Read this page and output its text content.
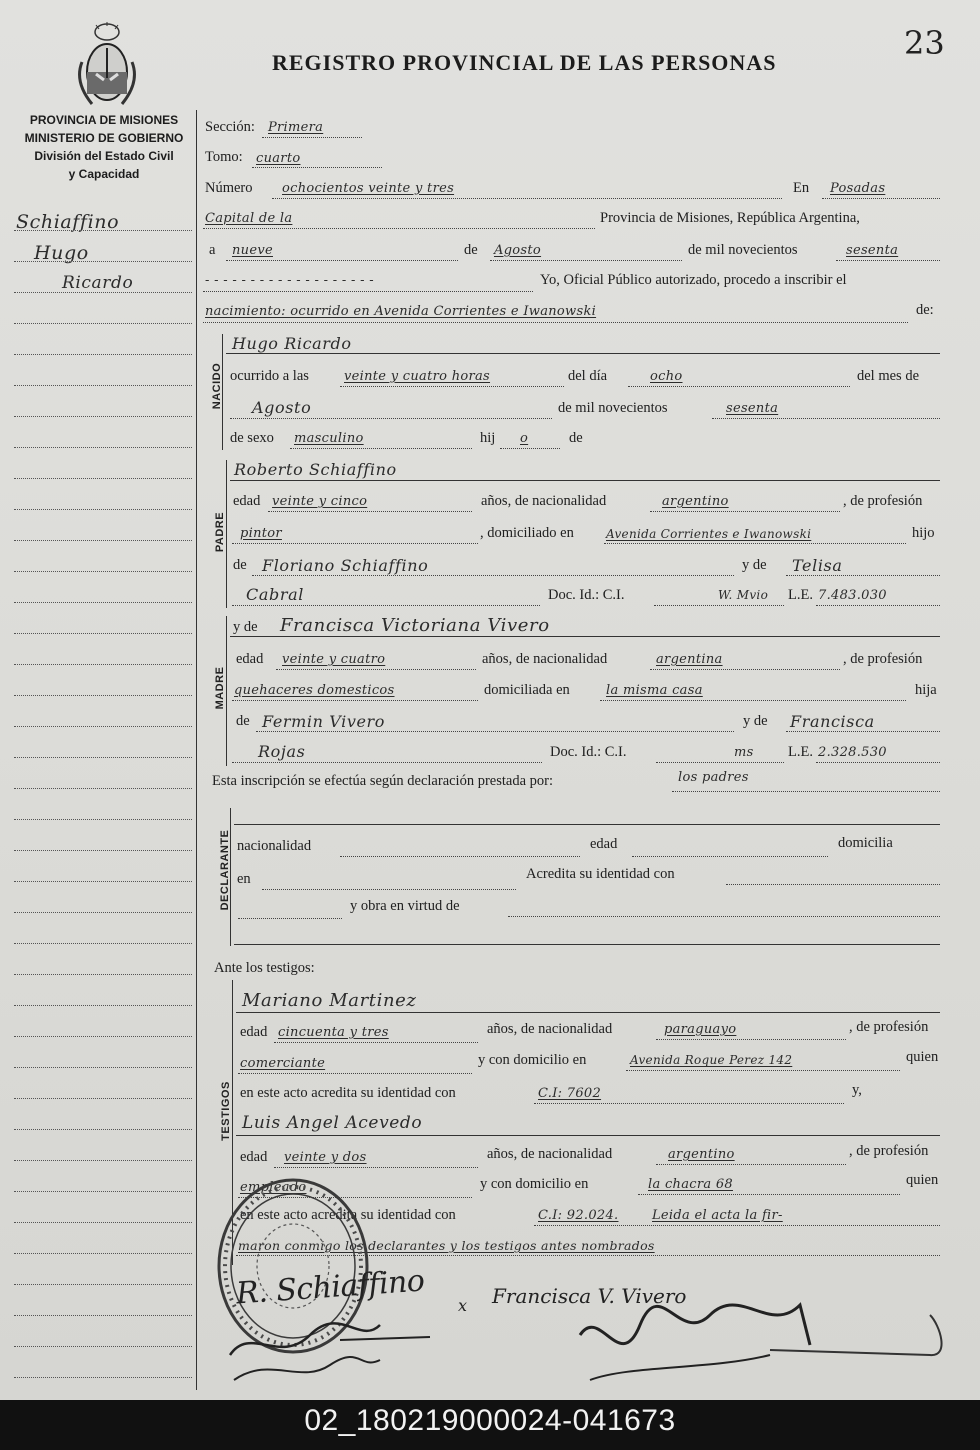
23
REGISTRO PROVINCIAL DE LAS PERSONAS
PROVINCIA DE MISIONES
MINISTERIO DE GOBIERNO
División del Estado Civil
y Capacidad
Schiaffino
Hugo
Ricardo
Sección: Primera
Tomo: cuarto
Número ochocientos veinte y tres	En Posadas
Capital de la	Provincia de Misiones, República Argentina,
a nueve	de Agosto	de mil novecientos	sesenta
- - - - - - - - - - - - - - - - - - -	Yo, Oficial Público autorizado, procedo a inscribir el
nacimiento: ocurrido en Avenida Corrientes e Iwanowski	de:
NACIDO
Hugo Ricardo
ocurrido a las	veinte y cuatro horas	del día	ocho	del mes de
Agosto	de mil novecientos	sesenta
de sexo masculino	hij o	de
PADRE
Roberto Schiaffino
edad veinte y cinco	años, de nacionalidad	argentino	, de profesión
pintor	, domiciliado en	Avenida Corrientes e Iwanowski	hijo
de Floriano Schiaffino	y de Telisa
Cabral	Doc. Id.: C.I.	W. Mvio L.E. 7.483.030
MADRE
y de Francisca Victoriana Vivero
edad veinte y cuatro	años, de nacionalidad	argentina	, de profesión
quehaceres domesticos	domiciliada en	la misma casa	hija
de Fermin Vivero	y de Francisca
Rojas	Doc. Id.: C.I.	ms L.E. 2.328.530
Esta inscripción se efectúa según declaración prestada por:	los padres
DECLARANTE nacionalidad	edad	domicilia
en	Acredita su identidad con
y obra en virtud de
Ante los testigos:
TESTIGOS
Mariano Martinez
edad cincuenta y tres	años, de nacionalidad	paraguayo	, de profesión
comerciante	y con domicilio en	Avenida Roque Perez 142	quien
en este acto acredita su identidad con	C.I: 7602	y,
Luis Angel Acevedo
edad veinte y dos	años, de nacionalidad	argentino	, de profesión
empleado	y con domicilio en	la chacra 68	quien
en este acto acredita su identidad con	C.I: 92.024.	Leida el acta la fir-
maron conmigo los declarantes y los testigos antes nombrados
R. Schiaffino x Francisca V. Vivero
02_180219000024-041673
